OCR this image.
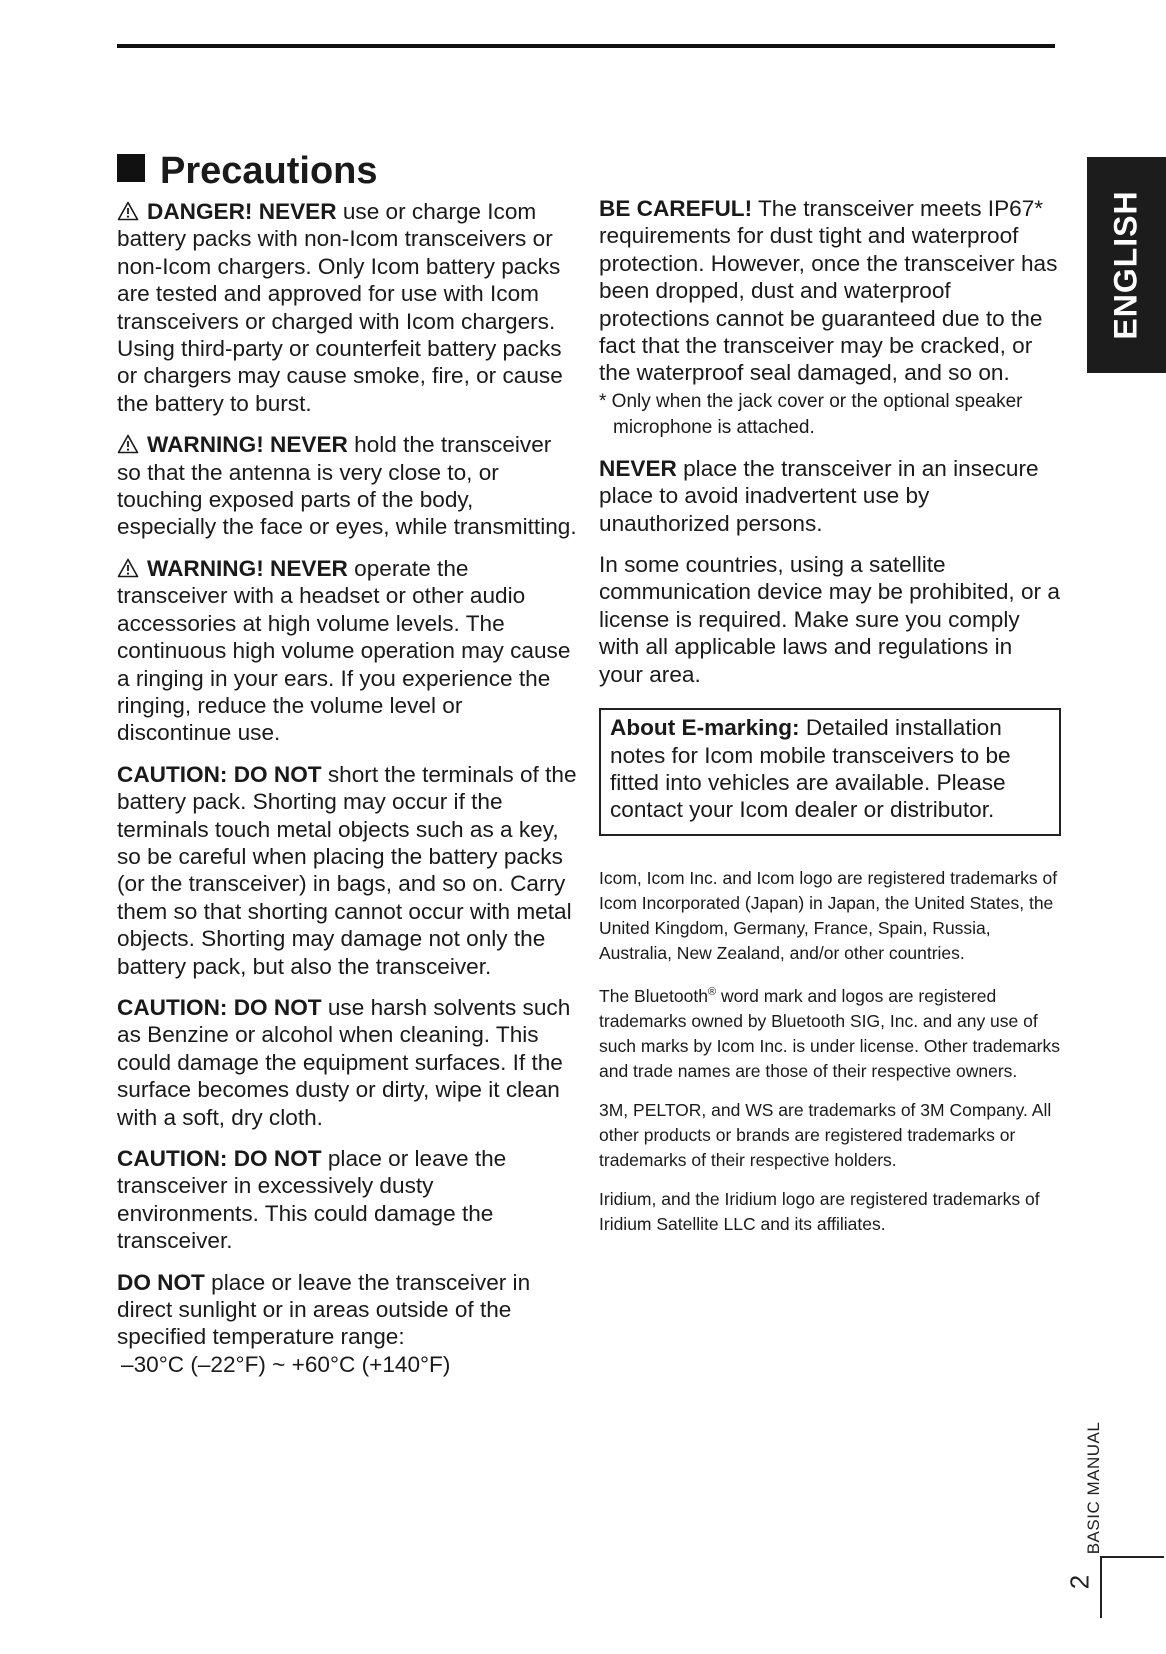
Precautions

DANGER! NEVER use or charge Icom battery packs with non-Icom transceivers or non-Icom chargers. Only Icom battery packs are tested and approved for use with Icom transceivers or charged with Icom chargers. Using third-party or counterfeit battery packs or chargers may cause smoke, fire, or cause the battery to burst.

WARNING! NEVER hold the transceiver so that the antenna is very close to, or touching exposed parts of the body, especially the face or eyes, while transmitting.

WARNING! NEVER operate the transceiver with a headset or other audio accessories at high volume levels. The continuous high volume operation may cause a ringing in your ears. If you experience the ringing, reduce the volume level or discontinue use.

CAUTION: DO NOT short the terminals of the battery pack. Shorting may occur if the terminals touch metal objects such as a key, so be careful when placing the battery packs (or the transceiver) in bags, and so on. Carry them so that shorting cannot occur with metal objects. Shorting may damage not only the battery pack, but also the transceiver.

CAUTION: DO NOT use harsh solvents such as Benzine or alcohol when cleaning. This could damage the equipment surfaces. If the surface becomes dusty or dirty, wipe it clean with a soft, dry cloth.

CAUTION: DO NOT place or leave the transceiver in excessively dusty environments. This could damage the transceiver.

DO NOT place or leave the transceiver in direct sunlight or in areas outside of the specified temperature range:
–30°C (–22°F) ~ +60°C (+140°F)

BE CAREFUL! The transceiver meets IP67* requirements for dust tight and waterproof protection. However, once the transceiver has been dropped, dust and waterproof protections cannot be guaranteed due to the fact that the transceiver may be cracked, or the waterproof seal damaged, and so on.

* Only when the jack cover or the optional speaker microphone is attached.

NEVER place the transceiver in an insecure place to avoid inadvertent use by unauthorized persons.

In some countries, using a satellite communication device may be prohibited, or a license is required. Make sure you comply with all applicable laws and regulations in your area.

About E-marking: Detailed installation notes for Icom mobile transceivers to be fitted into vehicles are available. Please contact your Icom dealer or distributor.

Icom, Icom Inc. and Icom logo are registered trademarks of Icom Incorporated (Japan) in Japan, the United States, the United Kingdom, Germany, France, Spain, Russia, Australia, New Zealand, and/or other countries.

The Bluetooth® word mark and logos are registered trademarks owned by Bluetooth SIG, Inc. and any use of such marks by Icom Inc. is under license. Other trademarks and trade names are those of their respective owners.

3M, PELTOR, and WS are trademarks of 3M Company. All other products or brands are registered trademarks or trademarks of their respective holders.

Iridium, and the Iridium logo are registered trademarks of Iridium Satellite LLC and its affiliates.

ENGLISH
BASIC MANUAL
2
